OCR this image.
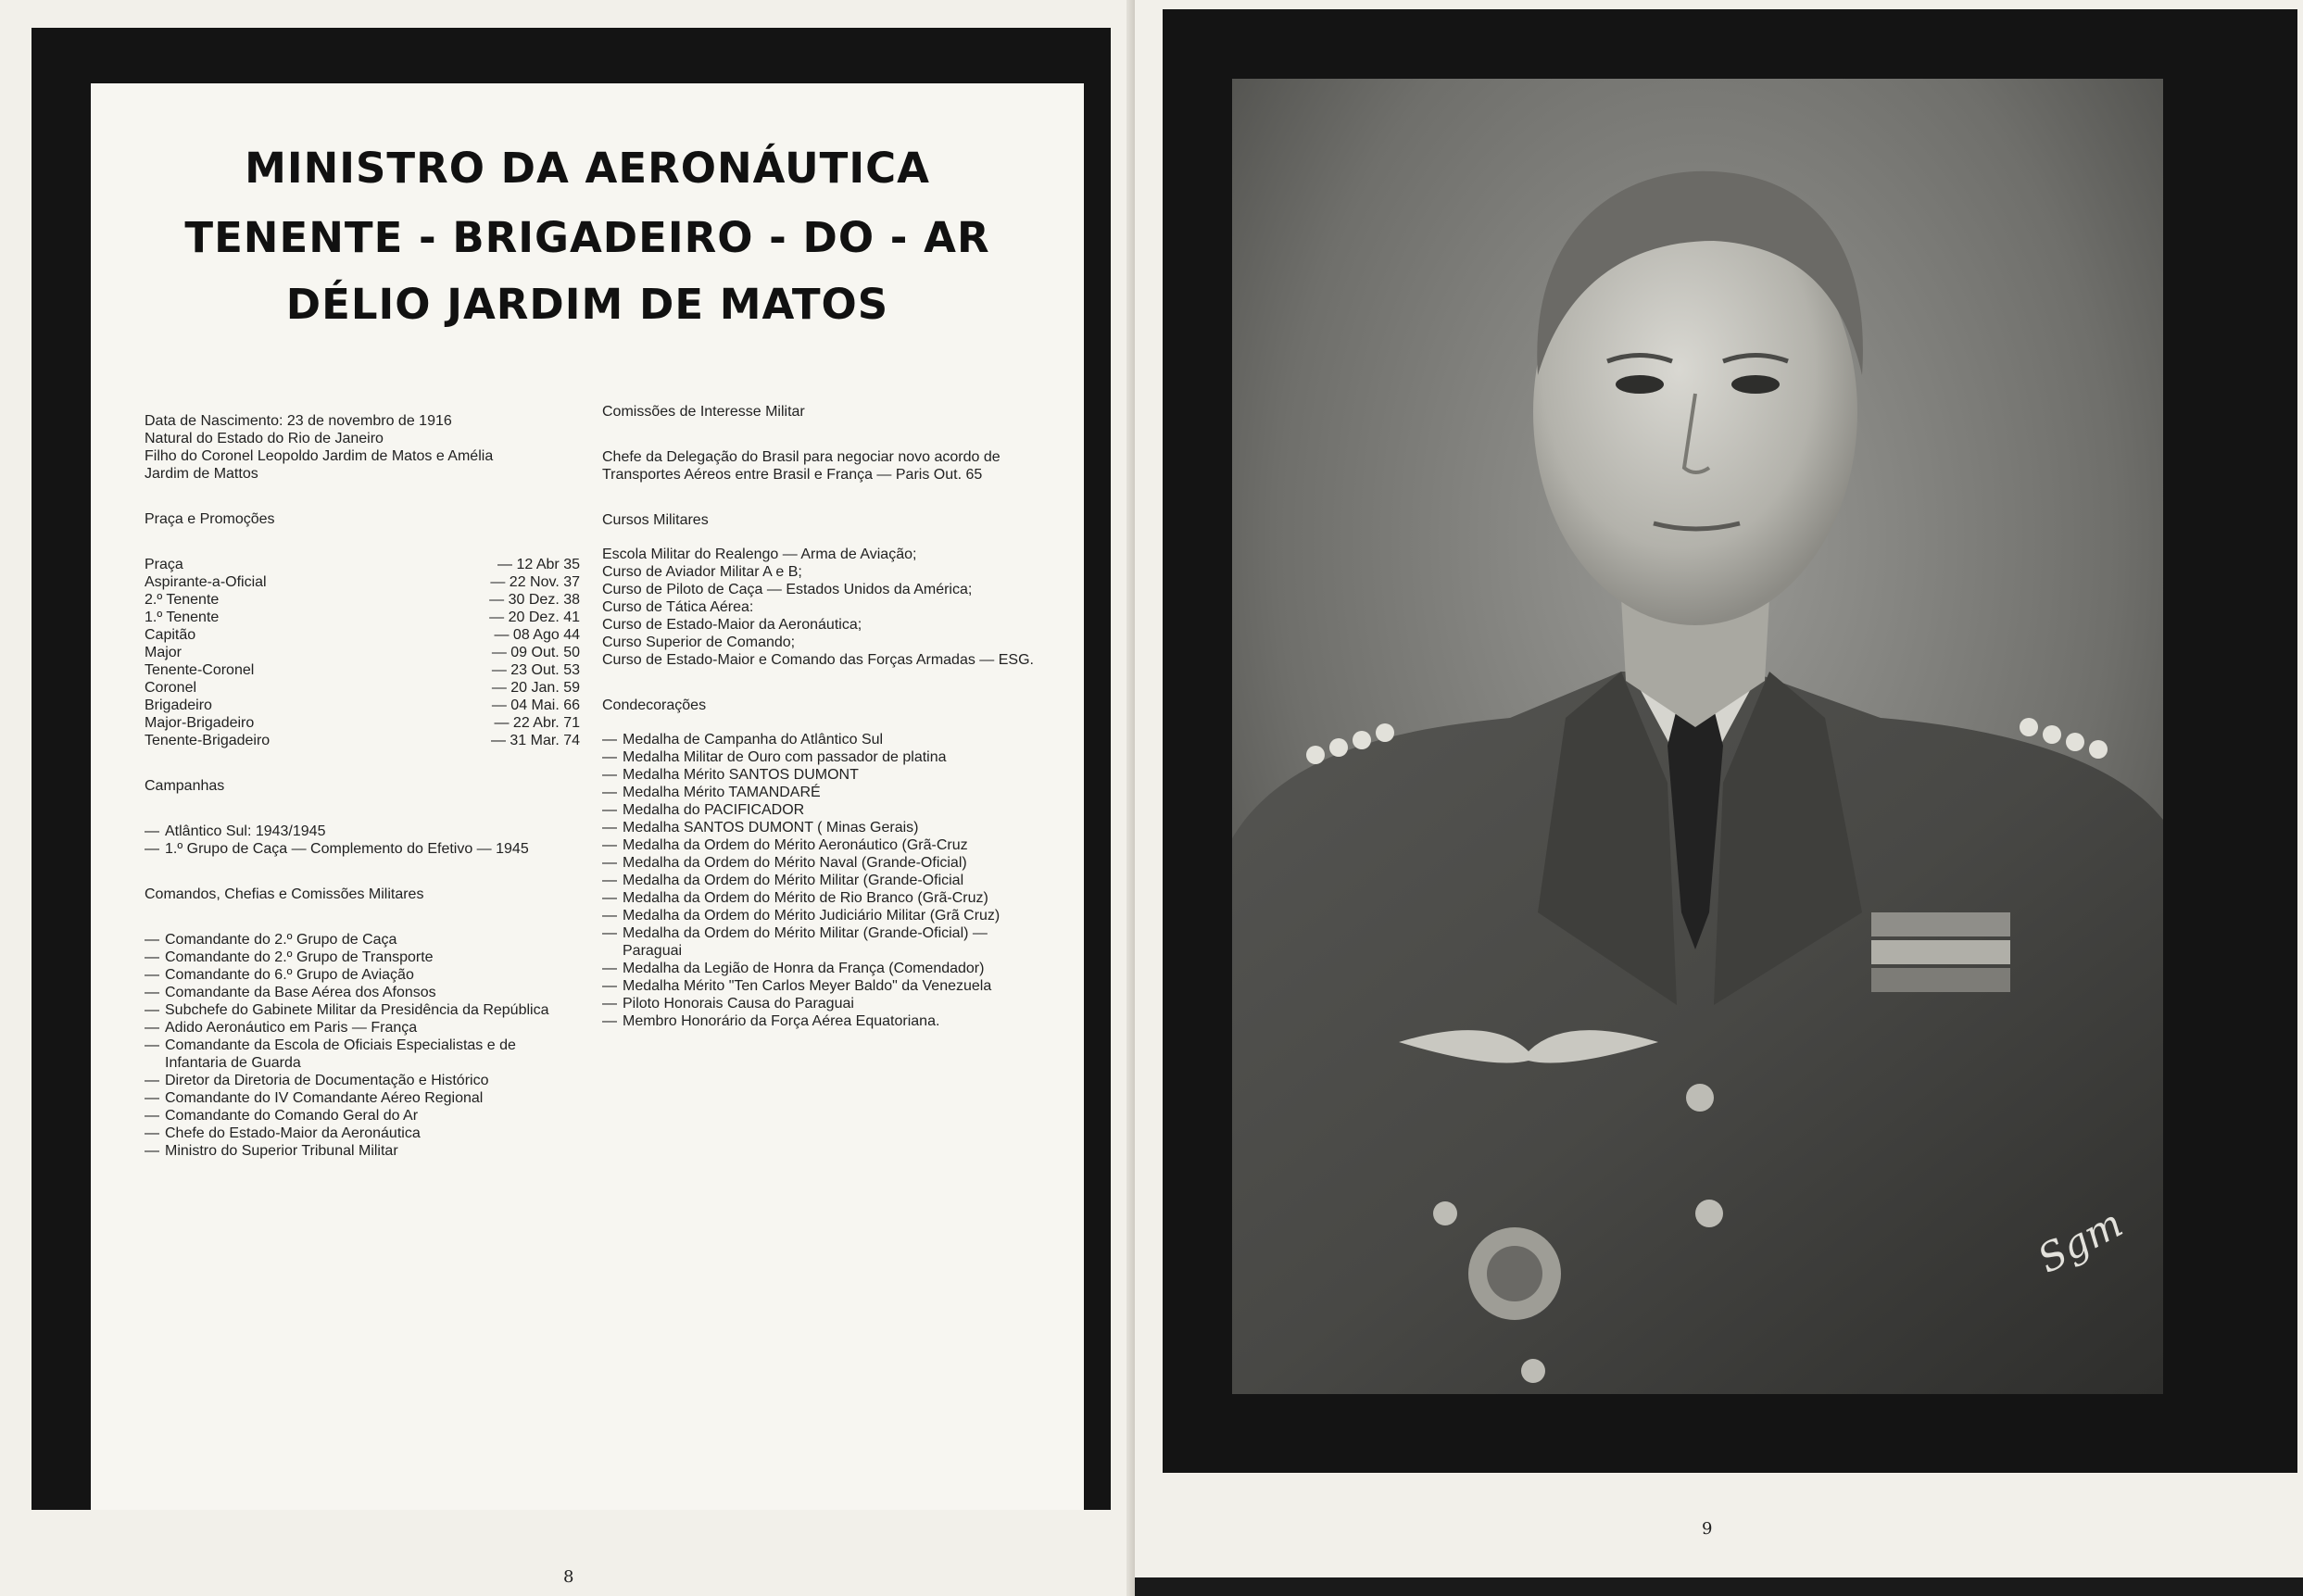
MINISTRO DA AERONÁUTICA
TENENTE - BRIGADEIRO - DO - AR
DÉLIO JARDIM DE MATOS

Data de Nascimento: 23 de novembro de 1916

Natural do Estado do Rio de Janeiro

Filho do Coronel Leopoldo Jardim de Matos e Amélia

Jardim de Mattos

Praça e Promoções

Praça	— 12 Abr 35
Aspirante-a-Oficial	— 22 Nov. 37
2.º Tenente	— 30 Dez. 38
1.º Tenente	— 20 Dez. 41
Capitão	— 08 Ago 44
Major	— 09 Out. 50
Tenente-Coronel	— 23 Out. 53
Coronel	— 20 Jan. 59
Brigadeiro	— 04 Mai. 66
Major-Brigadeiro	— 22 Abr. 71
Tenente-Brigadeiro	— 31 Mar. 74

Campanhas

— Atlântico Sul: 1943/1945

— 1.º Grupo de Caça — Complemento do Efetivo — 1945

Comandos, Chefias e Comissões Militares

— Comandante do 2.º Grupo de Caça

— Comandante do 2.º Grupo de Transporte

— Comandante do 6.º Grupo de Aviação

— Comandante da Base Aérea dos Afonsos

— Subchefe do Gabinete Militar da Presidência da República

— Adido Aeronáutico em Paris — França

— Comandante da Escola de Oficiais Especialistas e de Infantaria de Guarda

— Diretor da Diretoria de Documentação e Histórico

— Comandante do IV Comandante Aéreo Regional

— Comandante do Comando Geral do Ar

— Chefe do Estado-Maior da Aeronáutica

— Ministro do Superior Tribunal Militar

Comissões de Interesse Militar

Chefe da Delegação do Brasil para negociar novo acordo de Transportes Aéreos entre Brasil e França — Paris Out. 65

Cursos Militares

Escola Militar do Realengo — Arma de Aviação;

Curso de Aviador Militar A e B;

Curso de Piloto de Caça — Estados Unidos da América;

Curso de Tática Aérea:

Curso de Estado-Maior da Aeronáutica;

Curso Superior de Comando;

Curso de Estado-Maior e Comando das Forças Armadas — ESG.

Condecorações

— Medalha de Campanha do Atlântico Sul

— Medalha Militar de Ouro com passador de platina

— Medalha Mérito SANTOS DUMONT

— Medalha Mérito TAMANDARÉ

— Medalha do PACIFICADOR

— Medalha SANTOS DUMONT ( Minas Gerais)

— Medalha da Ordem do Mérito Aeronáutico (Grã-Cruz

— Medalha da Ordem do Mérito Naval (Grande-Oficial)

— Medalha da Ordem do Mérito Militar (Grande-Oficial

— Medalha da Ordem do Mérito de Rio Branco (Grã-Cruz)

— Medalha da Ordem do Mérito Judiciário Militar (Grã Cruz)

— Medalha da Ordem do Mérito Militar (Grande-Oficial) — Paraguai

— Medalha da Legião de Honra da França (Comendador)

— Medalha Mérito "Ten Carlos Meyer Baldo" da Venezuela

— Piloto Honorais Causa do Paraguai

— Membro Honorário da Força Aérea Equatoriana.

8
Sgm
9
